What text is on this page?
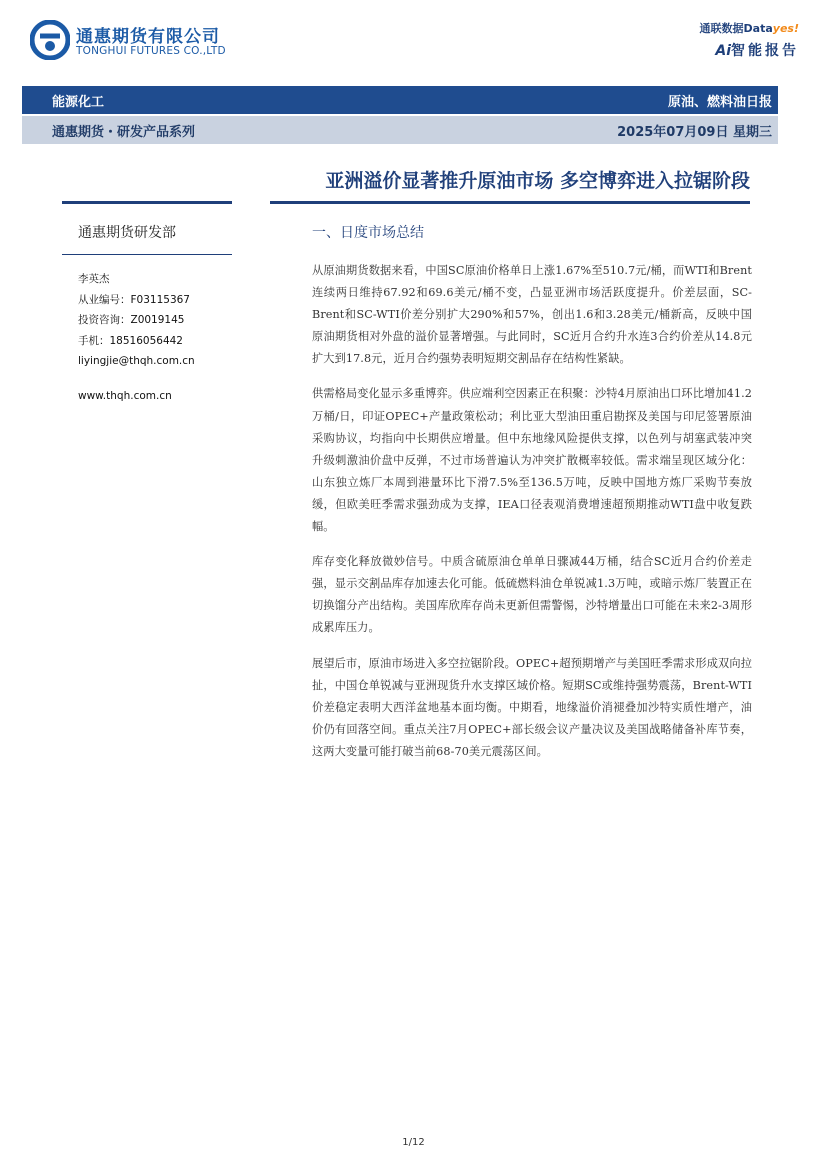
通惠期货有限公司
TONGHUI FUTURES CO.,LTD
通联数据Datayes!
Ai智能报告
能源化工	原油、燃料油日报
通惠期货・研发产品系列	2025年07月09日 星期三
亚洲溢价显著推升原油市场 多空博弈进入拉锯阶段
通惠期货研发部
李英杰
从业编号：F03115367
投资咨询：Z0019145
手机：18516056442
liyingjie@thqh.com.cn
www.thqh.com.cn
一、日度市场总结
从原油期货数据来看，中国SC原油价格单日上涨1.67%至510.7元/桶，而WTI和Brent连续两日维持67.92和69.6美元/桶不变，凸显亚洲市场活跃度提升。价差层面，SC-Brent和SC-WTI价差分别扩大290%和57%，创出1.6和3.28美元/桶新高，反映中国原油期货相对外盘的溢价显著增强。与此同时，SC近月合约升水连3合约价差从14.8元扩大到17.8元，近月合约强势表明短期交割品存在结构性紧缺。
供需格局变化显示多重博弈。供应端利空因素正在积聚：沙特4月原油出口环比增加41.2万桶/日，印证OPEC+产量政策松动；利比亚大型油田重启勘探及美国与印尼签署原油采购协议，均指向中长期供应增量。但中东地缘风险提供支撑，以色列与胡塞武装冲突升级刺激油价盘中反弹，不过市场普遍认为冲突扩散概率较低。需求端呈现区域分化：山东独立炼厂本周到港量环比下滑7.5%至136.5万吨，反映中国地方炼厂采购节奏放缓，但欧美旺季需求强劲成为支撑，IEA口径表观消费增速超预期推动WTI盘中收复跌幅。
库存变化释放微妙信号。中质含硫原油仓单单日骤减44万桶，结合SC近月合约价差走强，显示交割品库存加速去化可能。低硫燃料油仓单锐减1.3万吨，或暗示炼厂装置正在切换馏分产出结构。美国库欣库存尚未更新但需警惕，沙特增量出口可能在未来2-3周形成累库压力。
展望后市，原油市场进入多空拉锯阶段。OPEC+超预期增产与美国旺季需求形成双向拉扯，中国仓单锐减与亚洲现货升水支撑区域价格。短期SC或维持强势震荡，Brent-WTI价差稳定表明大西洋盆地基本面均衡。中期看，地缘溢价消褪叠加沙特实质性增产，油价仍有回落空间。重点关注7月OPEC+部长级会议产量决议及美国战略储备补库节奏，这两大变量可能打破当前68-70美元震荡区间。
1/12
